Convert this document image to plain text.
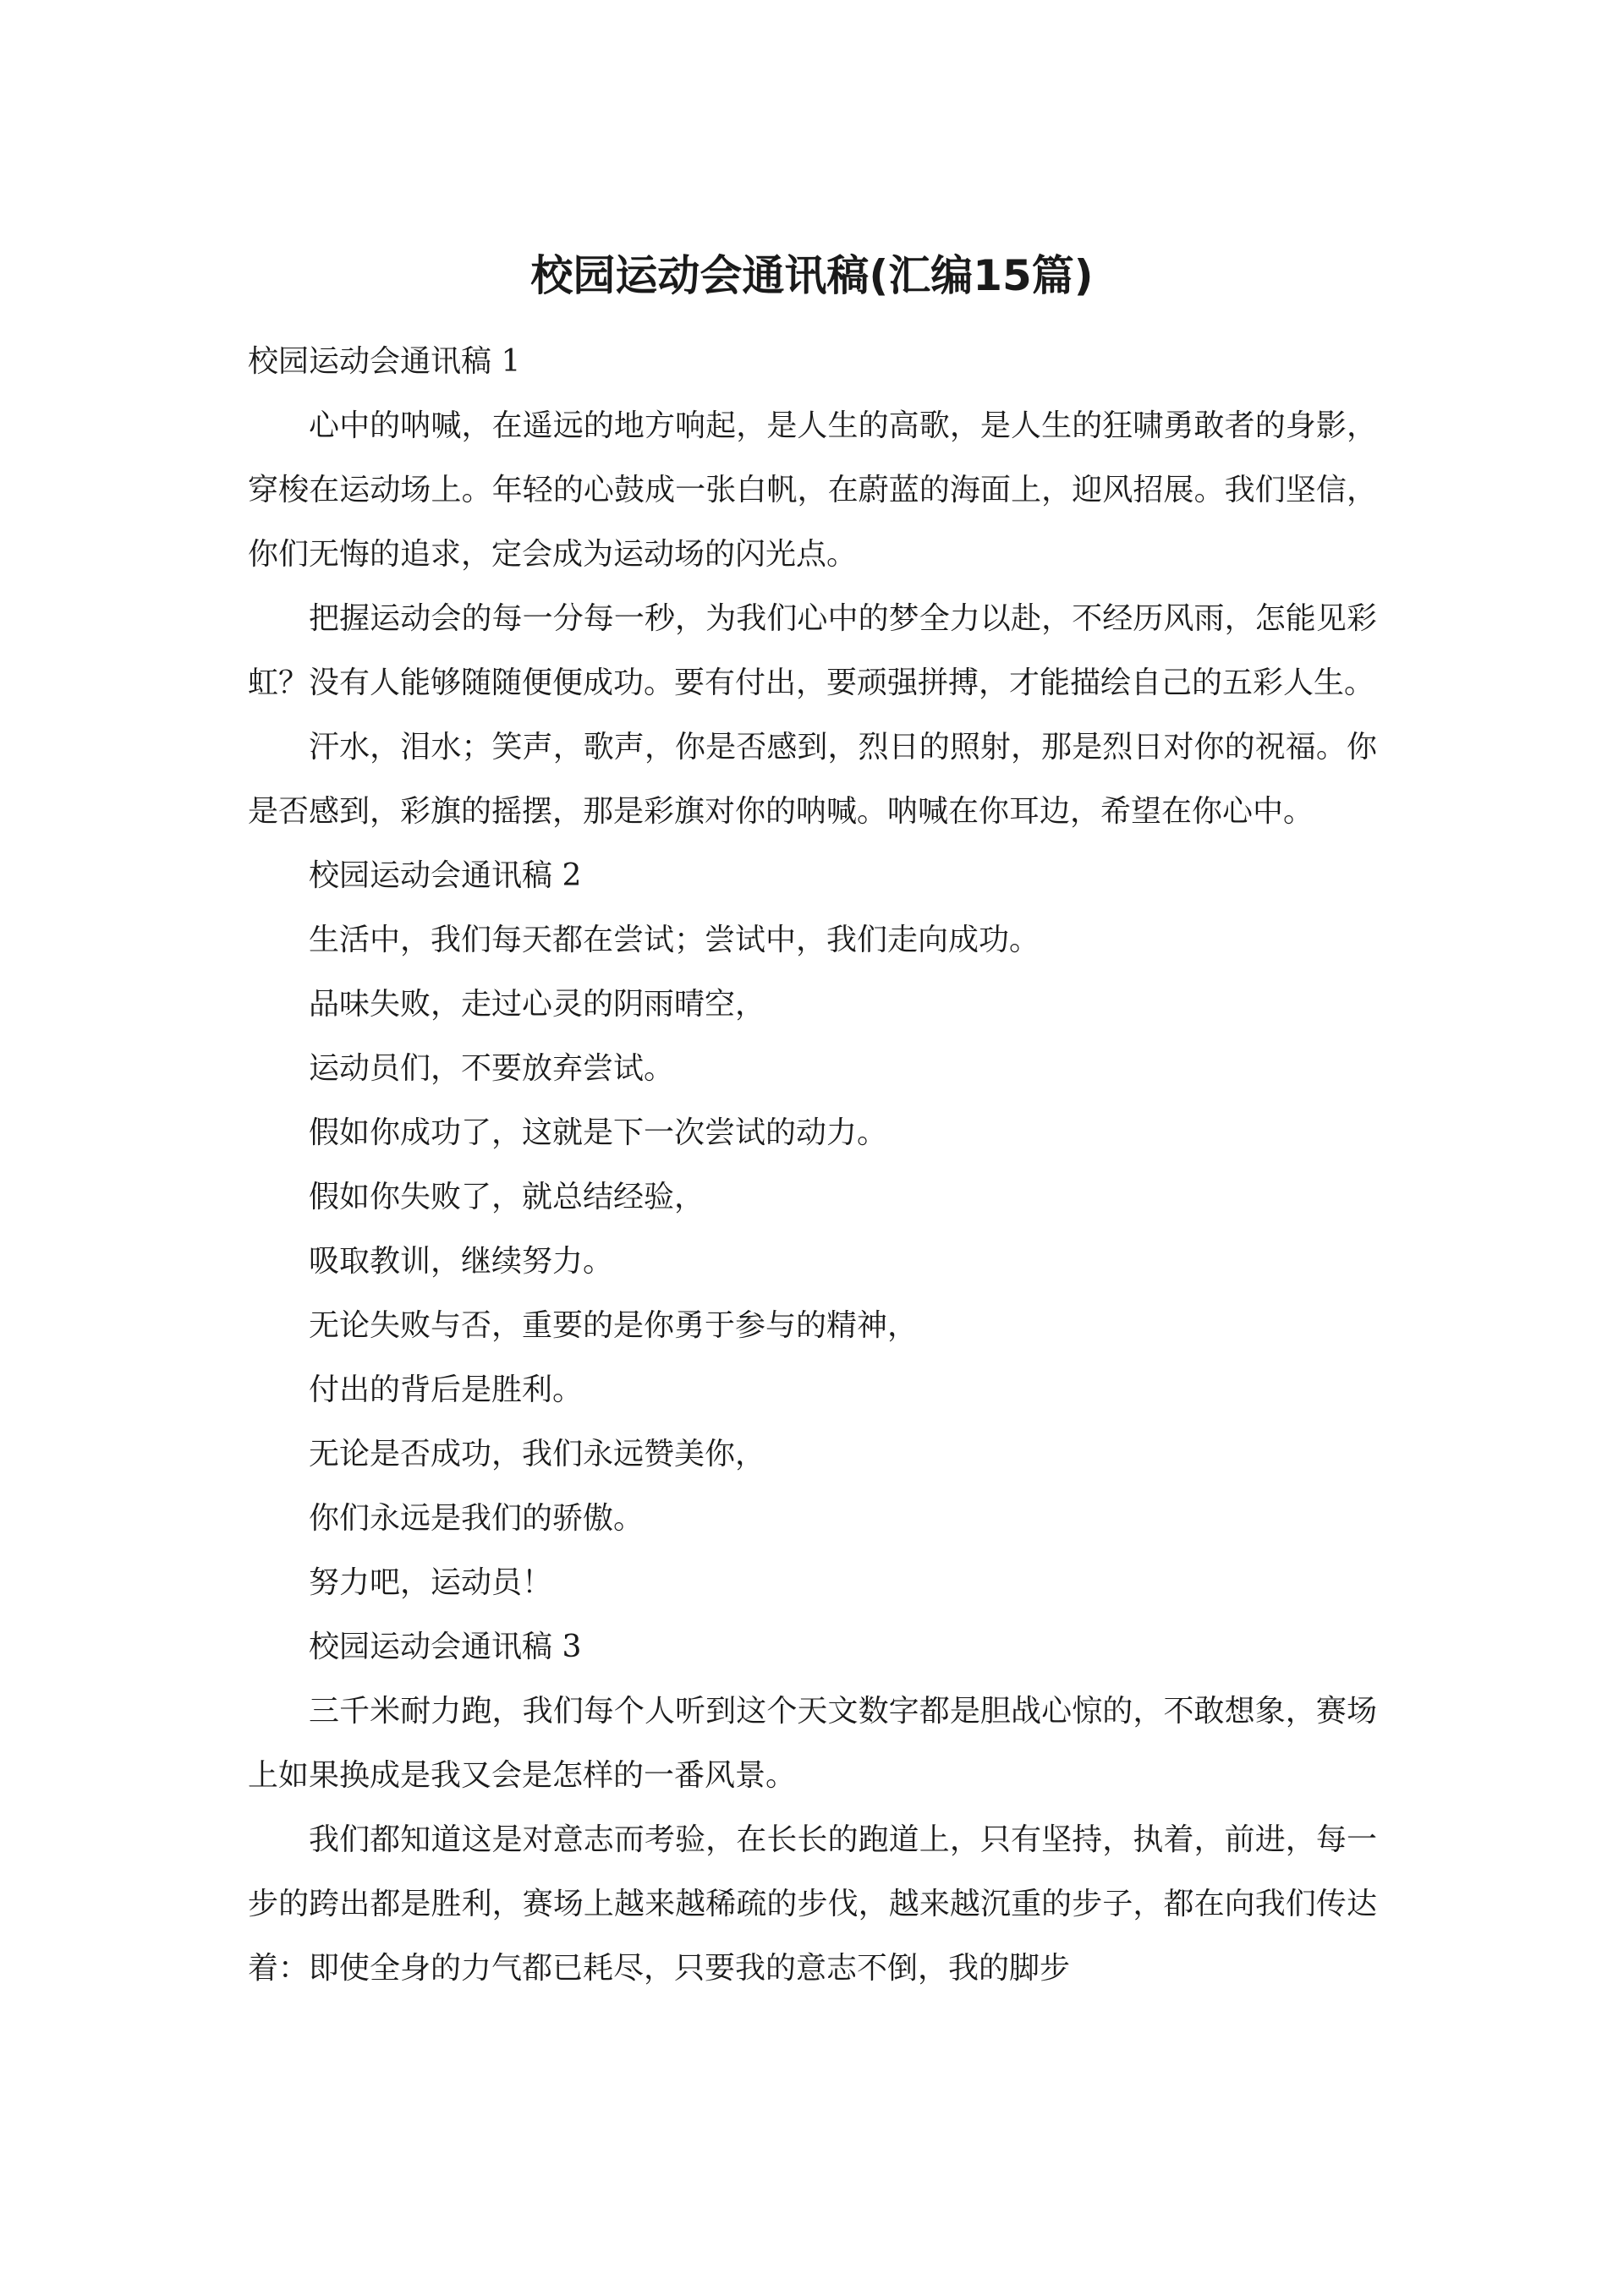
校园运动会通讯稿(汇编15篇)

校园运动会通讯稿 1

心中的呐喊，在遥远的地方响起，是人生的高歌，是人生的狂啸勇敢者的身影，穿梭在运动场上。年轻的心鼓成一张白帆，在蔚蓝的海面上，迎风招展。我们坚信，你们无悔的追求，定会成为运动场的闪光点。

把握运动会的每一分每一秒，为我们心中的梦全力以赴，不经历风雨，怎能见彩虹？没有人能够随随便便成功。要有付出，要顽强拼搏，才能描绘自己的五彩人生。

汗水，泪水；笑声，歌声，你是否感到，烈日的照射，那是烈日对你的祝福。你是否感到，彩旗的摇摆，那是彩旗对你的呐喊。呐喊在你耳边，希望在你心中。

校园运动会通讯稿 2

生活中，我们每天都在尝试；尝试中，我们走向成功。

品味失败，走过心灵的阴雨晴空，

运动员们，不要放弃尝试。

假如你成功了，这就是下一次尝试的动力。

假如你失败了，就总结经验，

吸取教训，继续努力。

无论失败与否，重要的是你勇于参与的精神，

付出的背后是胜利。

无论是否成功，我们永远赞美你，

你们永远是我们的骄傲。

努力吧，运动员！

校园运动会通讯稿 3

三千米耐力跑，我们每个人听到这个天文数字都是胆战心惊的，不敢想象，赛场上如果换成是我又会是怎样的一番风景。

我们都知道这是对意志而考验，在长长的跑道上，只有坚持，执着，前进，每一步的跨出都是胜利，赛场上越来越稀疏的步伐，越来越沉重的步子，都在向我们传达着：即使全身的力气都已耗尽，只要我的意志不倒，我的脚步
